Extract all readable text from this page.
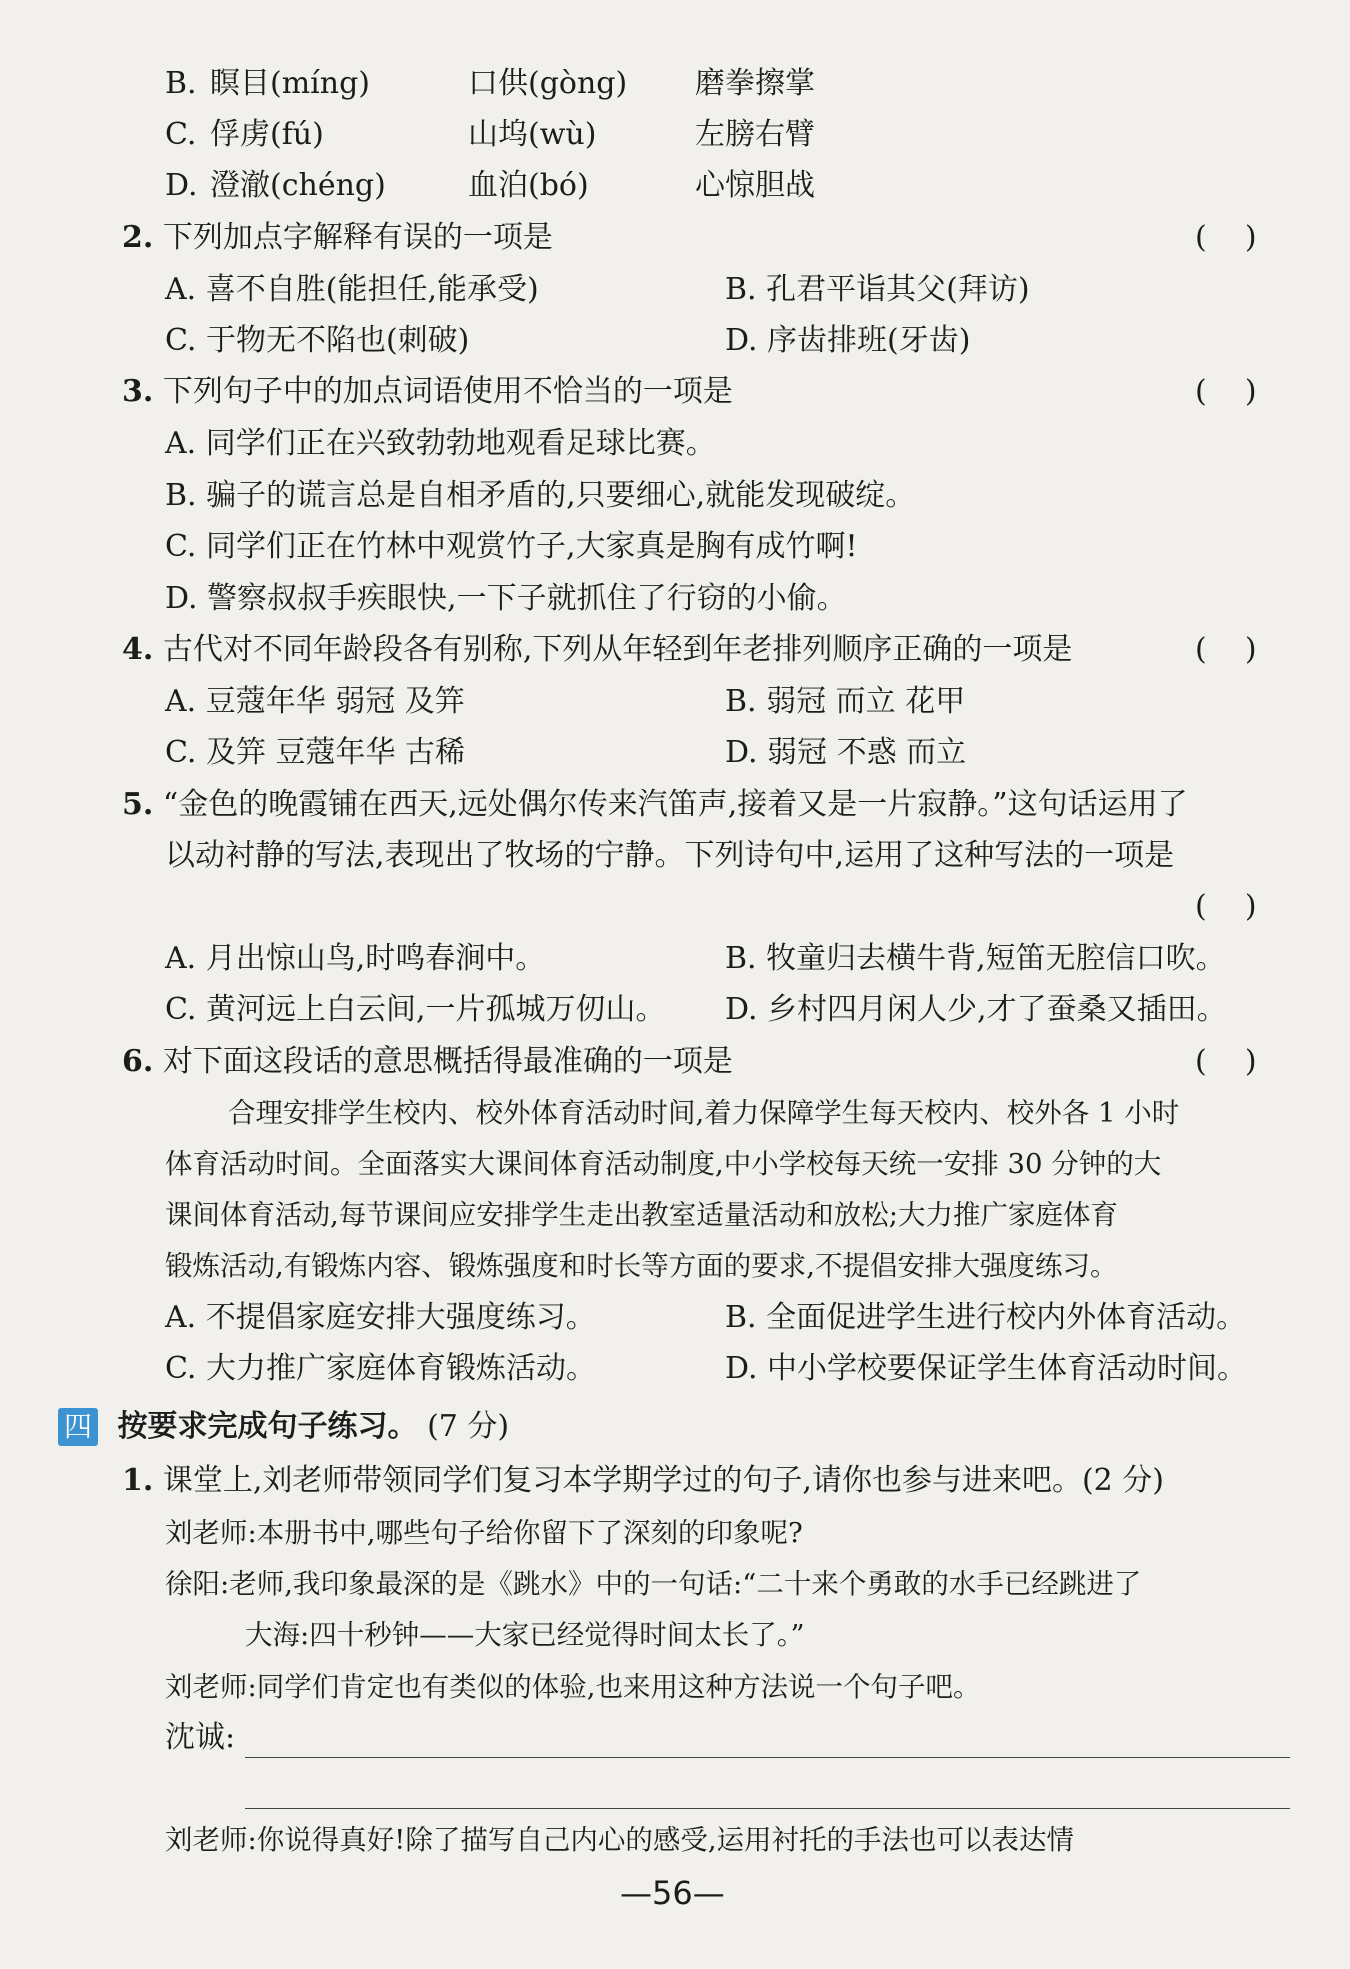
B. 瞑目(míng)	口供(gòng) 磨拳擦掌
C. 俘虏(fú)	山坞(wù)	左膀右臂
D. 澄澈(chéng)	血泊(bó)	心惊胆战
2. 下列加点字解释有误的一项是	(    )
A. 喜不自胜(能担任,能承受)	B. 孔君平诣其父(拜访)
C. 于物无不陷也(刺破)	D. 序齿排班(牙齿)
3. 下列句子中的加点词语使用不恰当的一项是	(    )
A. 同学们正在兴致勃勃地观看足球比赛。
B. 骗子的谎言总是自相矛盾的,只要细心,就能发现破绽。
C. 同学们正在竹林中观赏竹子,大家真是胸有成竹啊!
D. 警察叔叔手疾眼快,一下子就抓住了行窃的小偷。
4. 古代对不同年龄段各有别称,下列从年轻到年老排列顺序正确的一项是	(    )
A. 豆蔻年华 弱冠 及笄	B. 弱冠 而立 花甲
C. 及笄 豆蔻年华 古稀	D. 弱冠 不惑 而立
5. “金色的晚霞铺在西天,远处偶尔传来汽笛声,接着又是一片寂静。”这句话运用了
以动衬静的写法,表现出了牧场的宁静。下列诗句中,运用了这种写法的一项是
(    )
A. 月出惊山鸟,时鸣春涧中。	B. 牧童归去横牛背,短笛无腔信口吹。
C. 黄河远上白云间,一片孤城万仞山。 D. 乡村四月闲人少,才了蚕桑又插田。
6. 对下面这段话的意思概括得最准确的一项是	(    )
合理安排学生校内、校外体育活动时间,着力保障学生每天校内、校外各 1 小时
体育活动时间。全面落实大课间体育活动制度,中小学校每天统一安排 30 分钟的大
课间体育活动,每节课间应安排学生走出教室适量活动和放松;大力推广家庭体育
锻炼活动,有锻炼内容、锻炼强度和时长等方面的要求,不提倡安排大强度练习。
A. 不提倡家庭安排大强度练习。	B. 全面促进学生进行校内外体育活动。
C. 大力推广家庭体育锻炼活动。	D. 中小学校要保证学生体育活动时间。
四 按要求完成句子练习。 (7 分)
1. 课堂上,刘老师带领同学们复习本学期学过的句子,请你也参与进来吧。(2 分)
刘老师:本册书中,哪些句子给你留下了深刻的印象呢?
徐阳:老师,我印象最深的是《跳水》中的一句话:“二十来个勇敢的水手已经跳进了
大海:四十秒钟——大家已经觉得时间太长了。”
刘老师:同学们肯定也有类似的体验,也来用这种方法说一个句子吧。
沈诚:
刘老师:你说得真好!除了描写自己内心的感受,运用衬托的手法也可以表达情
—56—
